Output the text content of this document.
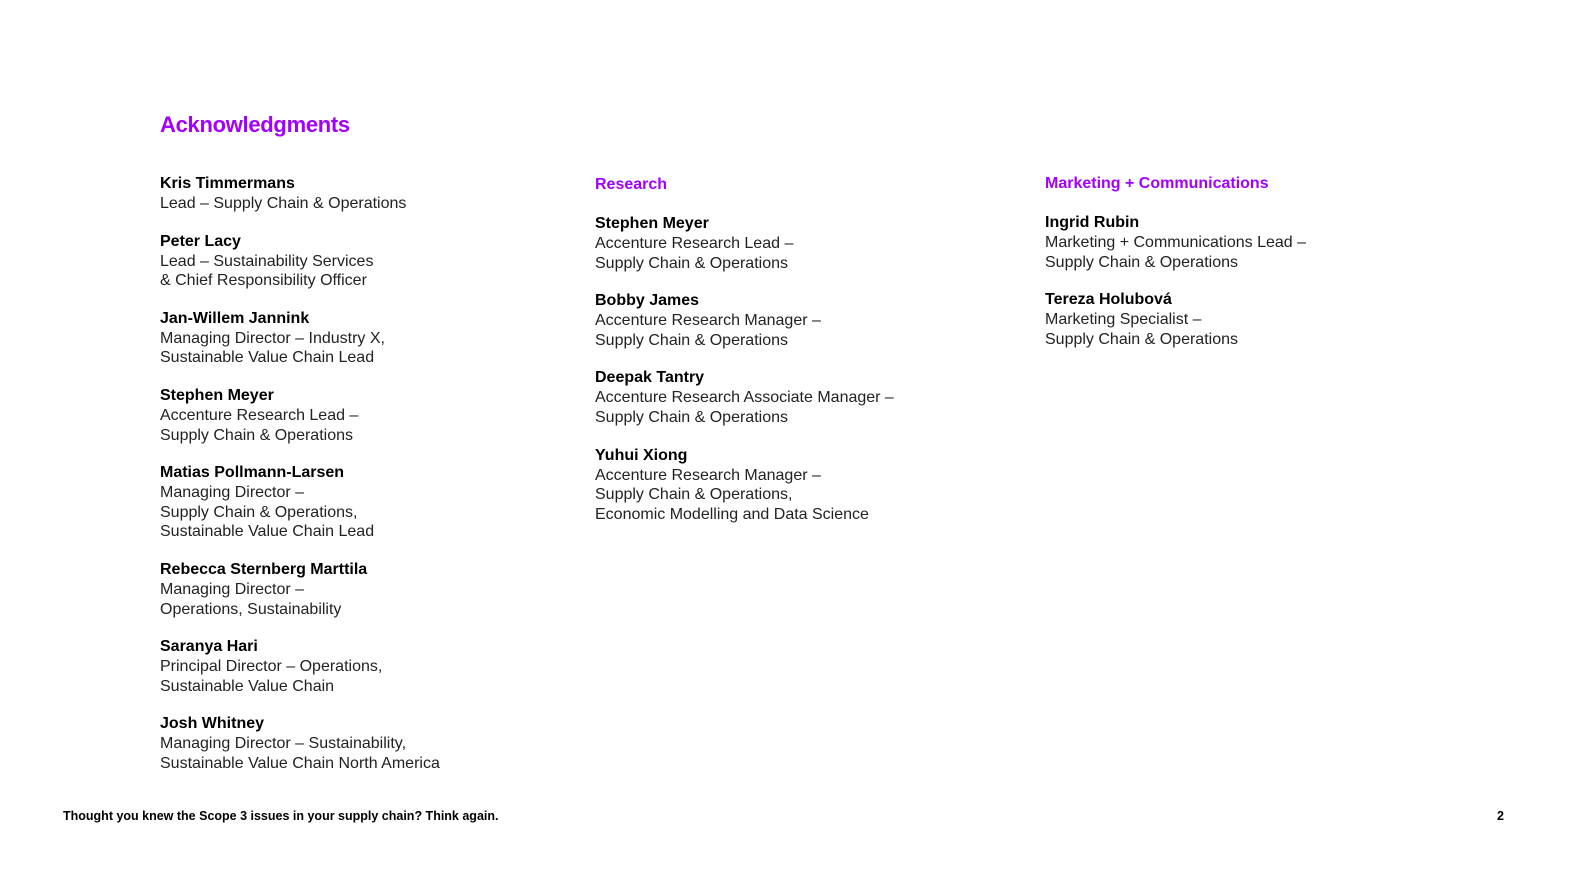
Acknowledgments
Kris Timmermans
Lead – Supply Chain & Operations
Peter Lacy
Lead – Sustainability Services
& Chief Responsibility Officer
Jan-Willem Jannink
Managing Director – Industry X,
Sustainable Value Chain Lead
Stephen Meyer
Accenture Research Lead –
Supply Chain & Operations
Matias Pollmann-Larsen
Managing Director –
Supply Chain & Operations,
Sustainable Value Chain Lead
Rebecca Sternberg Marttila
Managing Director –
Operations, Sustainability
Saranya Hari
Principal Director – Operations,
Sustainable Value Chain
Josh Whitney
Managing Director – Sustainability,
Sustainable Value Chain North America
Research
Stephen Meyer
Accenture Research Lead –
Supply Chain & Operations
Bobby James
Accenture Research Manager –
Supply Chain & Operations
Deepak Tantry
Accenture Research Associate Manager –
Supply Chain & Operations
Yuhui Xiong
Accenture Research Manager –
Supply Chain & Operations,
Economic Modelling and Data Science
Marketing + Communications
Ingrid Rubin
Marketing + Communications Lead –
Supply Chain & Operations
Tereza Holubová
Marketing Specialist –
Supply Chain & Operations
Thought you knew the Scope 3 issues in your supply chain? Think again.	2
